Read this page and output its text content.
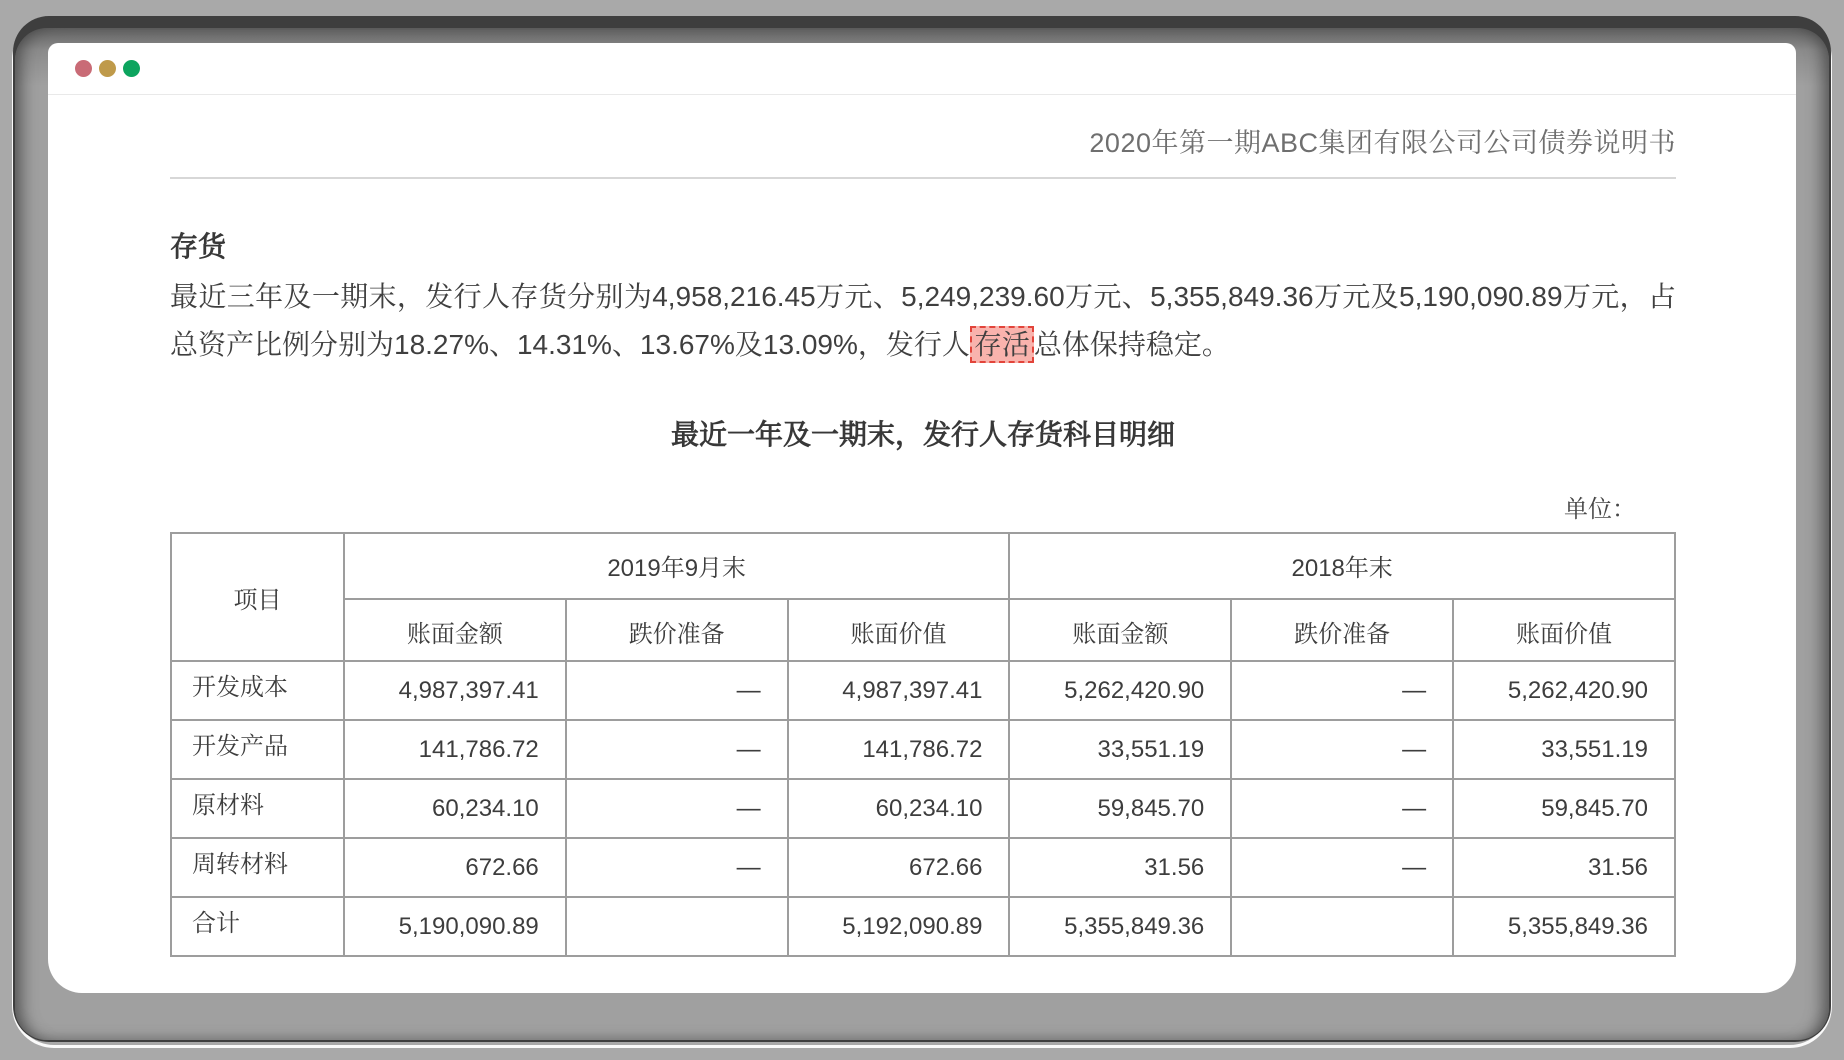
2020年第一期ABC集团有限公司公司债券说明书
存货
最近三年及一期末，发行人存货分别为4,958,216.45万元、5,249,239.60万元、5,355,849.36万元及5,190,090.89万元，占总资产比例分别为18.27%、14.31%、13.67%及13.09%，发行人 存活 总体保持稳定。
最近一年及一期末，发行人存货科目明细
单位：
项目	2019年9月末			2018年末		
	账面金额	跌价准备	账面价值	账面金额	跌价准备	账面价值
开发成本	4,987,397.41	—	4,987,397.41	5,262,420.90	—	5,262,420.90
开发产品	141,786.72	—	141,786.72	33,551.19	—	33,551.19
原材料	60,234.10	—	60,234.10	59,845.70	—	59,845.70
周转材料	672.66	—	672.66	31.56	—	31.56
合计	5,190,090.89		5,192,090.89	5,355,849.36		5,355,849.36
